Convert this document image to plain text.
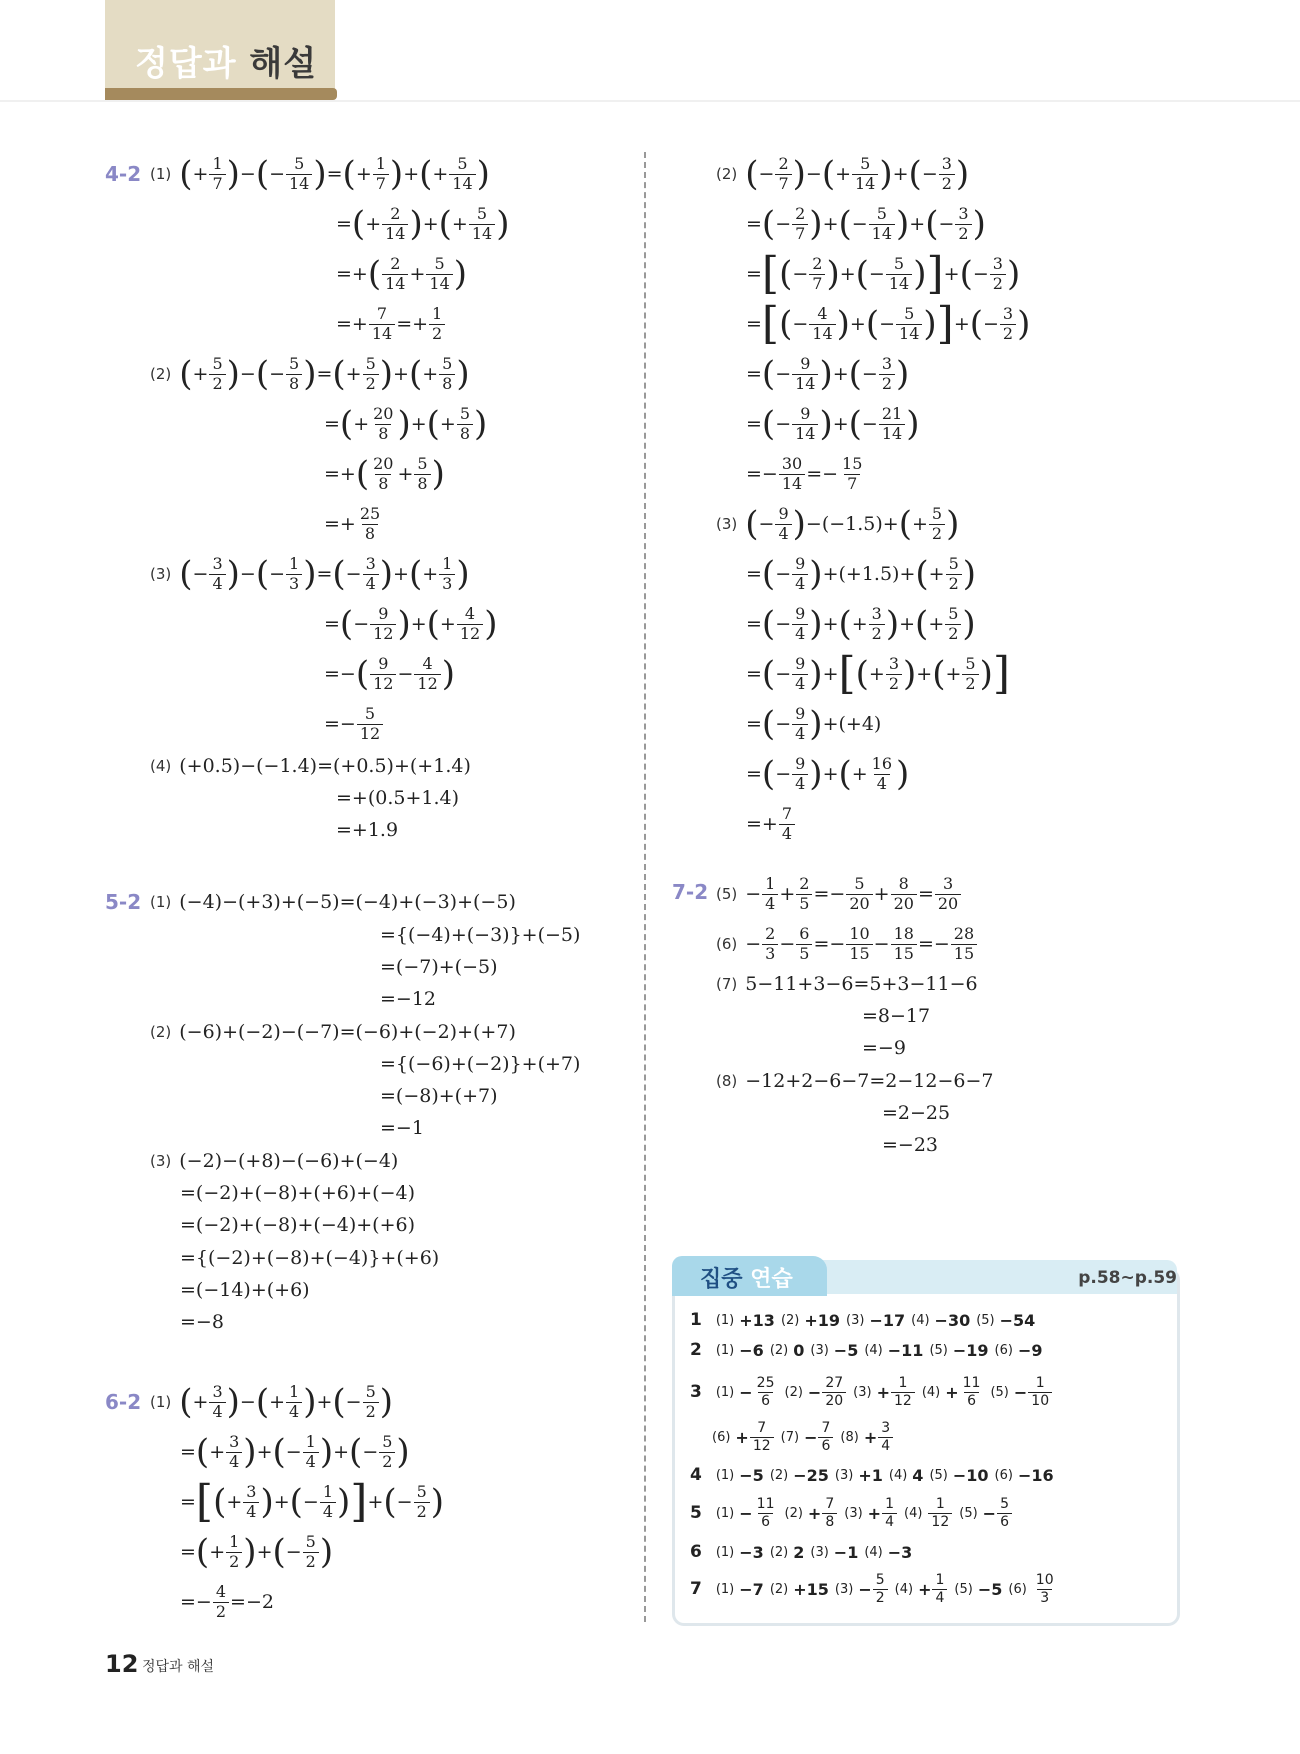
정답과 해설
4-2 (1) ( + $\frac{1}{7}$ ) − ( − $\frac{5}{14}$ ) = ( + $\frac{1}{7}$ ) + ( + $\frac{5}{14}$ )
= ( + $\frac{2}{14}$ ) + ( + $\frac{5}{14}$ )
=+ ( $\frac{2}{14} + \frac{5}{14}$ )
=+ $\frac{7}{14} =+ \frac{1}{2}$
(2) ( + $\frac{5}{2}$ ) − ( − $\frac{5}{8}$ ) = ( + $\frac{5}{2}$ ) + ( + $\frac{5}{8}$ )
= ( + $\frac{20}{8}$ ) + ( + $\frac{5}{8}$ )
=+ ( $\frac{20}{8} + \frac{5}{8}$ )
=+ $\frac{25}{8}$
(3) ( − $\frac{3}{4}$ ) − ( − $\frac{1}{3}$ ) = ( − $\frac{3}{4}$ ) + ( + $\frac{1}{3}$ )
= ( − $\frac{9}{12}$ ) + ( + $\frac{4}{12}$ )
=− ( $\frac{9}{12} - \frac{4}{12}$ )
=− $\frac{5}{12}$
(4) (+0.5)−(−1.4)=(+0.5)+(+1.4)
=+(0.5+1.4)
=+1.9
5-2 (1) (−4)−(+3)+(−5)=(−4)+(−3)+(−5)
={(−4)+(−3)}+(−5)
=(−7)+(−5)
=−12
(2) (−6)+(−2)−(−7)=(−6)+(−2)+(+7)
={(−6)+(−2)}+(+7)
=(−8)+(+7)
=−1
(3) (−2)−(+8)−(−6)+(−4)
=(−2)+(−8)+(+6)+(−4)
=(−2)+(−8)+(−4)+(+6)
={(−2)+(−8)+(−4)}+(+6)
=(−14)+(+6)
=−8
6-2 (1) ( + $\frac{3}{4}$ ) − ( + $\frac{1}{4}$ ) + ( − $\frac{5}{2}$ )
= ( + $\frac{3}{4}$ ) + ( − $\frac{1}{4}$ ) + ( − $\frac{5}{2}$ )
= [ ( + $\frac{3}{4}$ ) + ( − $\frac{1}{4}$ ) ] + ( − $\frac{5}{2}$ )
= ( + $\frac{1}{2}$ ) + ( − $\frac{5}{2}$ )
=− $\frac{4}{2} =-2$
(2) ( − $\frac{2}{7}$ ) − ( + $\frac{5}{14}$ ) + ( − $\frac{3}{2}$ )
= ( − $\frac{2}{7}$ ) + ( − $\frac{5}{14}$ ) + ( − $\frac{3}{2}$ )
= [ ( − $\frac{2}{7}$ ) + ( − $\frac{5}{14}$ ) ] + ( − $\frac{3}{2}$ )
= [ ( − $\frac{4}{14}$ ) + ( − $\frac{5}{14}$ ) ] + ( − $\frac{3}{2}$ )
= ( − $\frac{9}{14}$ ) + ( − $\frac{3}{2}$ )
= ( − $\frac{9}{14}$ ) + ( − $\frac{21}{14}$ )
=− $\frac{30}{14} =- \frac{15}{7}$
(3) ( − $\frac{9}{4}$ ) − (−1.5) + ( + $\frac{5}{2}$ )
= ( − $\frac{9}{4}$ ) + (+1.5) + ( + $\frac{5}{2}$ )
= ( − $\frac{9}{4}$ ) + ( + $\frac{3}{2}$ ) + ( + $\frac{5}{2}$ )
= ( − $\frac{9}{4}$ ) + [ ( + $\frac{3}{2}$ ) + ( + $\frac{5}{2}$ ) ]
= ( − $\frac{9}{4}$ ) + (+4)
= ( − $\frac{9}{4}$ ) + ( + $\frac{16}{4}$ )
=+ $\frac{7}{4}$
7-2 $(5) - \frac{1}{4} + \frac{2}{5} =- \frac{5}{20} + \frac{8}{20} = \frac{3}{20}$
$(6) - \frac{2}{3} - \frac{6}{5} =- \frac{10}{15} - \frac{18}{15} =- \frac{28}{15}$
(7) 5−11+3−6=5+3−11−6
=8−17
=−9
(8) −12+2−6−7=2−12−6−7
=2−25
=−23
집중
연습	p.58~p.59
1 (1) +13 (2) +19 (3) −17 (4) −30 (5) −54
2 (1) −6 (2) 0 (3) −5 (4) −11 (5) −19 (6) −9
3 $(1) - \frac{25}{6} (2) - \frac{27}{20} (3) + \frac{1}{12} (4) + \frac{11}{6} (5) - \frac{1}{10}$
$(6) + \frac{7}{12} (7) - \frac{7}{6} (8) + \frac{3}{4}$
4 (1) −5 (2) −25 (3) +1 (4) 4 (5) −10 (6) −16
5 $(1) - \frac{11}{6} (2) + \frac{7}{8} (3) + \frac{1}{4} (4) \frac{1}{12} (5) - \frac{5}{6}$
6 (1) −3 (2) 2 (3) −1 (4) −3
7 (1) −7 (2) +15 $(3) - \frac{5}{2} (4) + \frac{1}{4} (5) -5$ $(6) \frac{10}{3}$
12 정답과 해설
